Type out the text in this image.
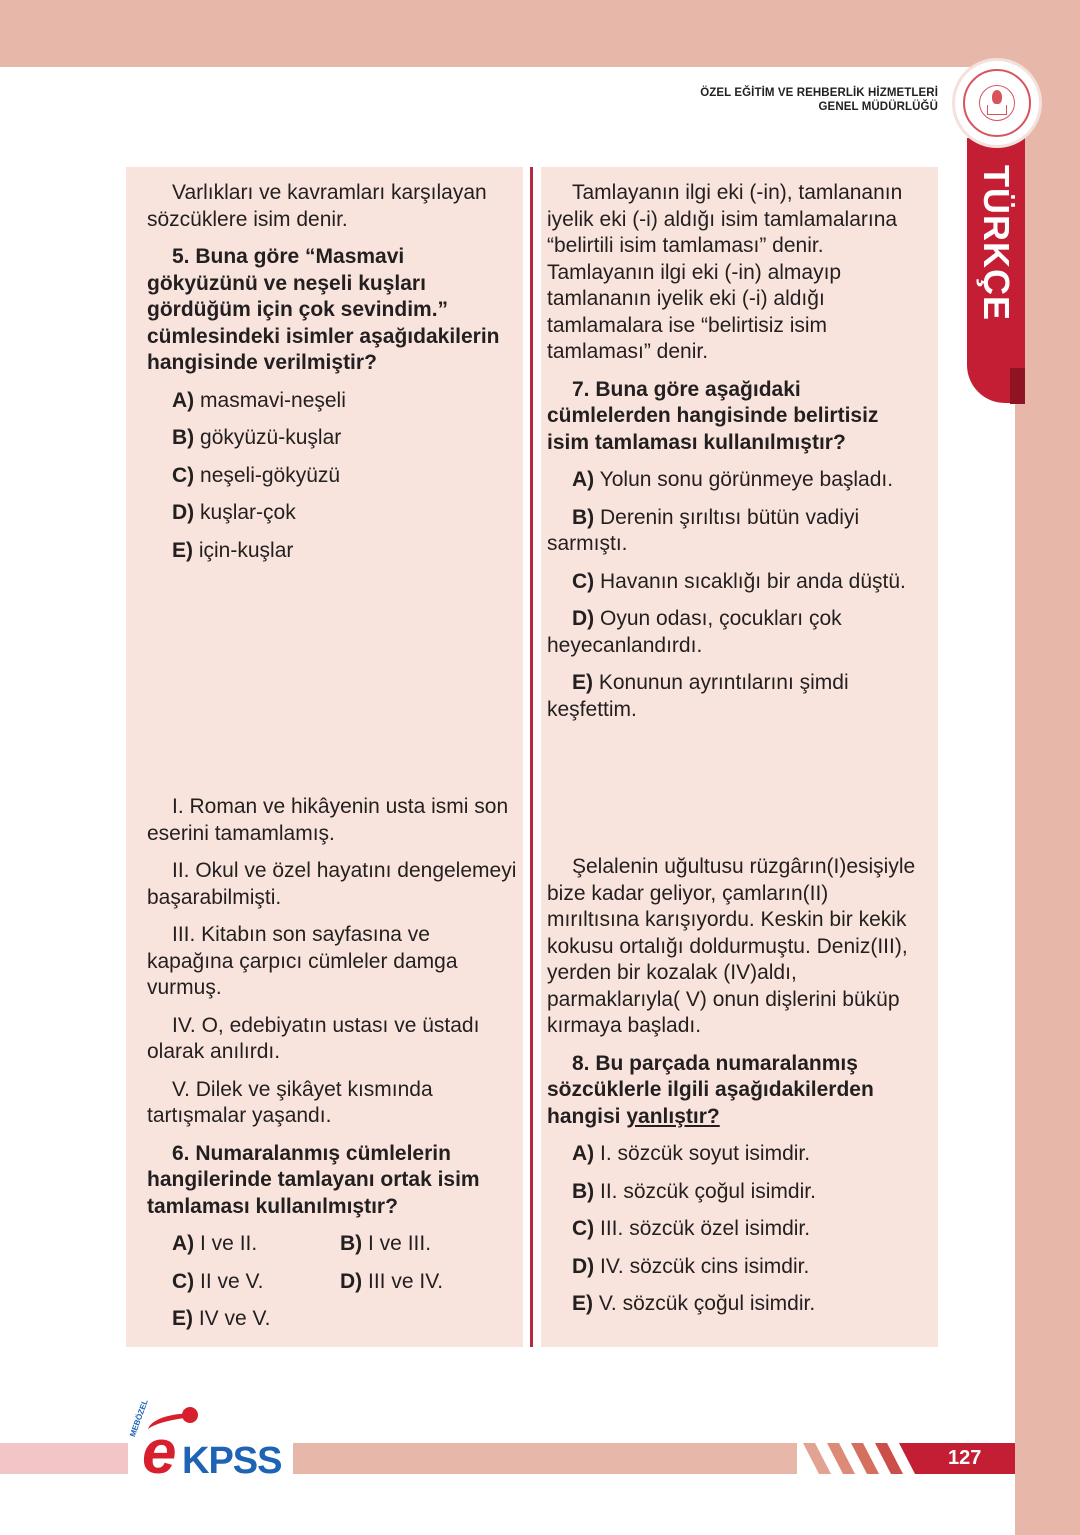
ÖZEL EĞİTİM VE REHBERLİK HİZMETLERİ
GENEL MÜDÜRLÜĞÜ
TÜRKÇE

Varlıkları ve kavramları karşılayan sözcüklere isim denir.

5. Buna göre “Masmavi gökyüzünü ve neşeli kuşları gördüğüm için çok sevindim.” cümlesindeki isimler aşağıdakilerin hangisinde verilmiştir?

A) masmavi-neşeli
B) gökyüzü-kuşlar
C) neşeli-gökyüzü
D) kuşlar-çok
E) için-kuşlar

Tamlayanın ilgi eki (-in), tamlananın iyelik eki (-i) aldığı isim tamlamalarına “belirtili isim tamlaması” denir. Tamlayanın ilgi eki (-in) almayıp tamlananın iyelik eki (-i) aldığı tamlamalara ise “belirtisiz isim tamlaması” denir.

7. Buna göre aşağıdaki cümlelerden hangisinde belirtisiz isim tamlaması kullanılmıştır?

A) Yolun sonu görünmeye başladı.
B) Derenin şırıltısı bütün vadiyi sarmıştı.
C) Havanın sıcaklığı bir anda düştü.
D) Oyun odası, çocukları çok heyecanlandırdı.
E) Konunun ayrıntılarını şimdi keşfettim.

I. Roman ve hikâyenin usta ismi son eserini tamamlamış.

II. Okul ve özel hayatını dengelemeyi başarabilmişti.

III. Kitabın son sayfasına ve kapağına çarpıcı cümleler damga vurmuş.

IV. O, edebiyatın ustası ve üstadı olarak anılırdı.

V. Dilek ve şikâyet kısmında tartışmalar yaşandı.

6. Numaralanmış cümlelerin hangilerinde tamlayanı ortak isim tamlaması kullanılmıştır?

A) I ve II.	B) I ve III.
C) II ve V.	D) III ve IV.
E) IV ve V.

Şelalenin uğultusu rüzgârın(I)esişiyle bize kadar geliyor, çamların(II) mırıltısına karışıyordu. Keskin bir kekik kokusu ortalığı doldurmuştu. Deniz(III), yerden bir kozalak (IV)aldı, parmaklarıyla( V) onun dişlerini büküp kırmaya başladı.

8. Bu parçada numaralanmış sözcüklerle ilgili aşağıdakilerden hangisi yanlıştır?

A) I. sözcük soyut isimdir.
B) II. sözcük çoğul isimdir.
C) III. sözcük özel isimdir.
D) IV. sözcük cins isimdir.
E) V. sözcük çoğul isimdir.
127
MEBÖZEL
e KPSS
